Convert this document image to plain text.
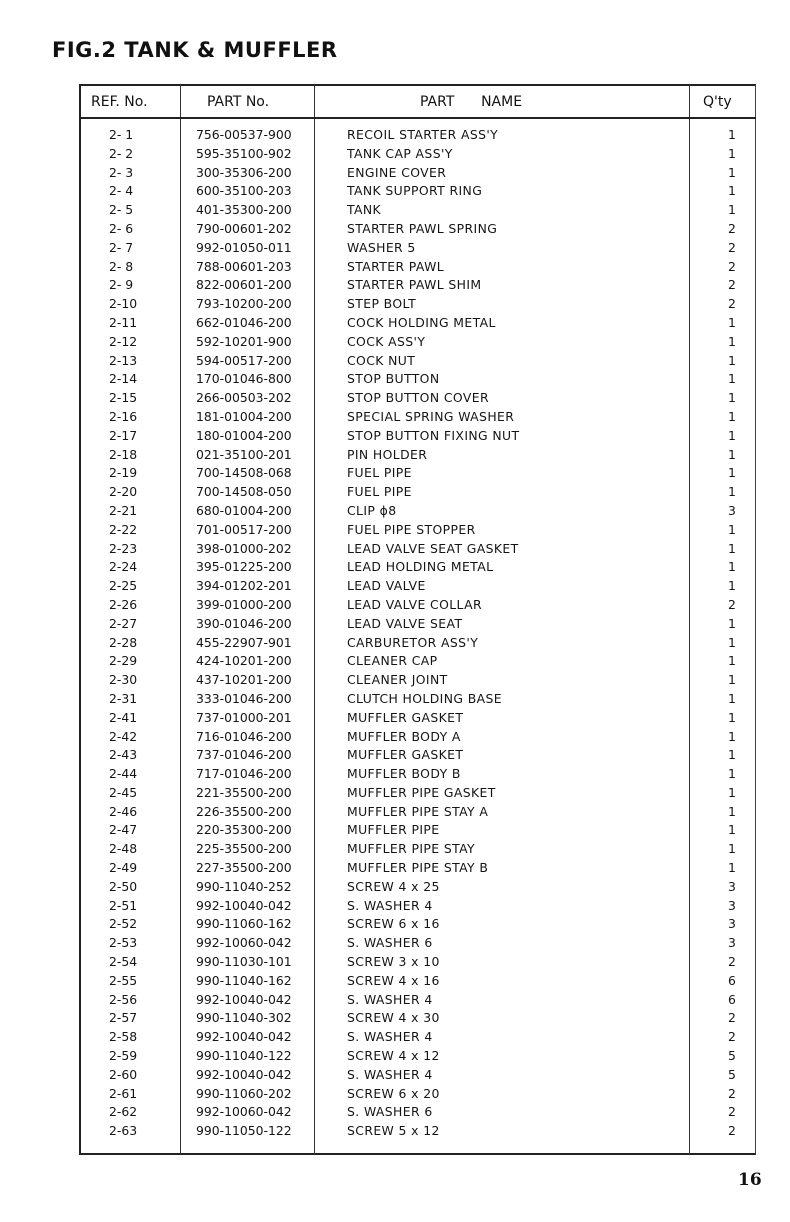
FIG.2 TANK & MUFFLER
REF. No.	PART No.	PART      NAME	Q'ty
2- 1	756-00537-900	RECOIL STARTER ASS'Y	1
2- 2	595-35100-902	TANK CAP ASS'Y	1
2- 3	300-35306-200	ENGINE COVER	1
2- 4	600-35100-203	TANK SUPPORT RING	1
2- 5	401-35300-200	TANK	1
2- 6	790-00601-202	STARTER PAWL SPRING	2
2- 7	992-01050-011	WASHER 5	2
2- 8	788-00601-203	STARTER PAWL	2
2- 9	822-00601-200	STARTER PAWL SHIM	2
2-10	793-10200-200	STEP BOLT	2
2-11	662-01046-200	COCK HOLDING METAL	1
2-12	592-10201-900	COCK ASS'Y	1
2-13	594-00517-200	COCK NUT	1
2-14	170-01046-800	STOP BUTTON	1
2-15	266-00503-202	STOP BUTTON COVER	1
2-16	181-01004-200	SPECIAL SPRING WASHER	1
2-17	180-01004-200	STOP BUTTON FIXING NUT	1
2-18	021-35100-201	PIN HOLDER	1
2-19	700-14508-068	FUEL PIPE	1
2-20	700-14508-050	FUEL PIPE	1
2-21	680-01004-200	CLIP ϕ8	3
2-22	701-00517-200	FUEL PIPE STOPPER	1
2-23	398-01000-202	LEAD VALVE SEAT GASKET	1
2-24	395-01225-200	LEAD HOLDING METAL	1
2-25	394-01202-201	LEAD VALVE	1
2-26	399-01000-200	LEAD VALVE COLLAR	2
2-27	390-01046-200	LEAD VALVE SEAT	1
2-28	455-22907-901	CARBURETOR ASS'Y	1
2-29	424-10201-200	CLEANER CAP	1
2-30	437-10201-200	CLEANER JOINT	1
2-31	333-01046-200	CLUTCH HOLDING BASE	1
2-41	737-01000-201	MUFFLER GASKET	1
2-42	716-01046-200	MUFFLER BODY A	1
2-43	737-01046-200	MUFFLER GASKET	1
2-44	717-01046-200	MUFFLER BODY B	1
2-45	221-35500-200	MUFFLER PIPE GASKET	1
2-46	226-35500-200	MUFFLER PIPE STAY A	1
2-47	220-35300-200	MUFFLER PIPE	1
2-48	225-35500-200	MUFFLER PIPE STAY	1
2-49	227-35500-200	MUFFLER PIPE STAY B	1
2-50	990-11040-252	SCREW 4 x 25	3
2-51	992-10040-042	S. WASHER 4	3
2-52	990-11060-162	SCREW 6 x 16	3
2-53	992-10060-042	S. WASHER 6	3
2-54	990-11030-101	SCREW 3 x 10	2
2-55	990-11040-162	SCREW 4 x 16	6
2-56	992-10040-042	S. WASHER 4	6
2-57	990-11040-302	SCREW 4 x 30	2
2-58	992-10040-042	S. WASHER 4	2
2-59	990-11040-122	SCREW 4 x 12	5
2-60	992-10040-042	S. WASHER 4	5
2-61	990-11060-202	SCREW 6 x 20	2
2-62	992-10060-042	S. WASHER 6	2
2-63	990-11050-122	SCREW 5 x 12	2
16
